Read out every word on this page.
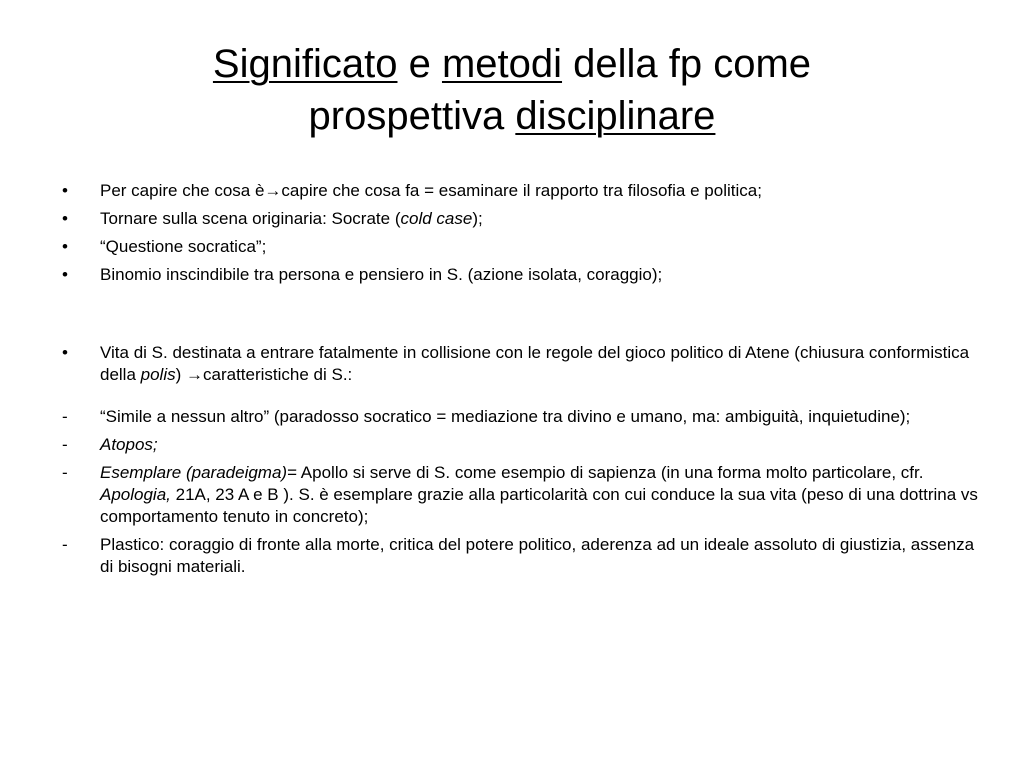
Significato e metodi della fp come
prospettiva disciplinare
•	Per capire che cosa è→capire che cosa fa = esaminare il rapporto tra filosofia e politica;
•	Tornare sulla scena originaria: Socrate (cold case);
•	“Questione socratica”;
•	Binomio inscindibile tra persona e pensiero in S. (azione isolata, coraggio);
•	Vita di S. destinata a entrare fatalmente in collisione con le regole del gioco politico di Atene (chiusura conformistica della polis) →caratteristiche di S.:
-	“Simile a nessun altro” (paradosso socratico = mediazione tra divino e umano, ma: ambiguità, inquietudine);
-	Atopos;
-	Esemplare (paradeigma)= Apollo si serve di S. come esempio di sapienza (in una forma molto particolare, cfr. Apologia, 21A, 23 A e B ). S. è esemplare grazie alla particolarità con cui conduce la sua vita (peso di una dottrina vs comportamento tenuto in concreto);
-	Plastico: coraggio di fronte alla morte, critica del potere politico, aderenza ad un ideale assoluto di giustizia, assenza di bisogni materiali.
